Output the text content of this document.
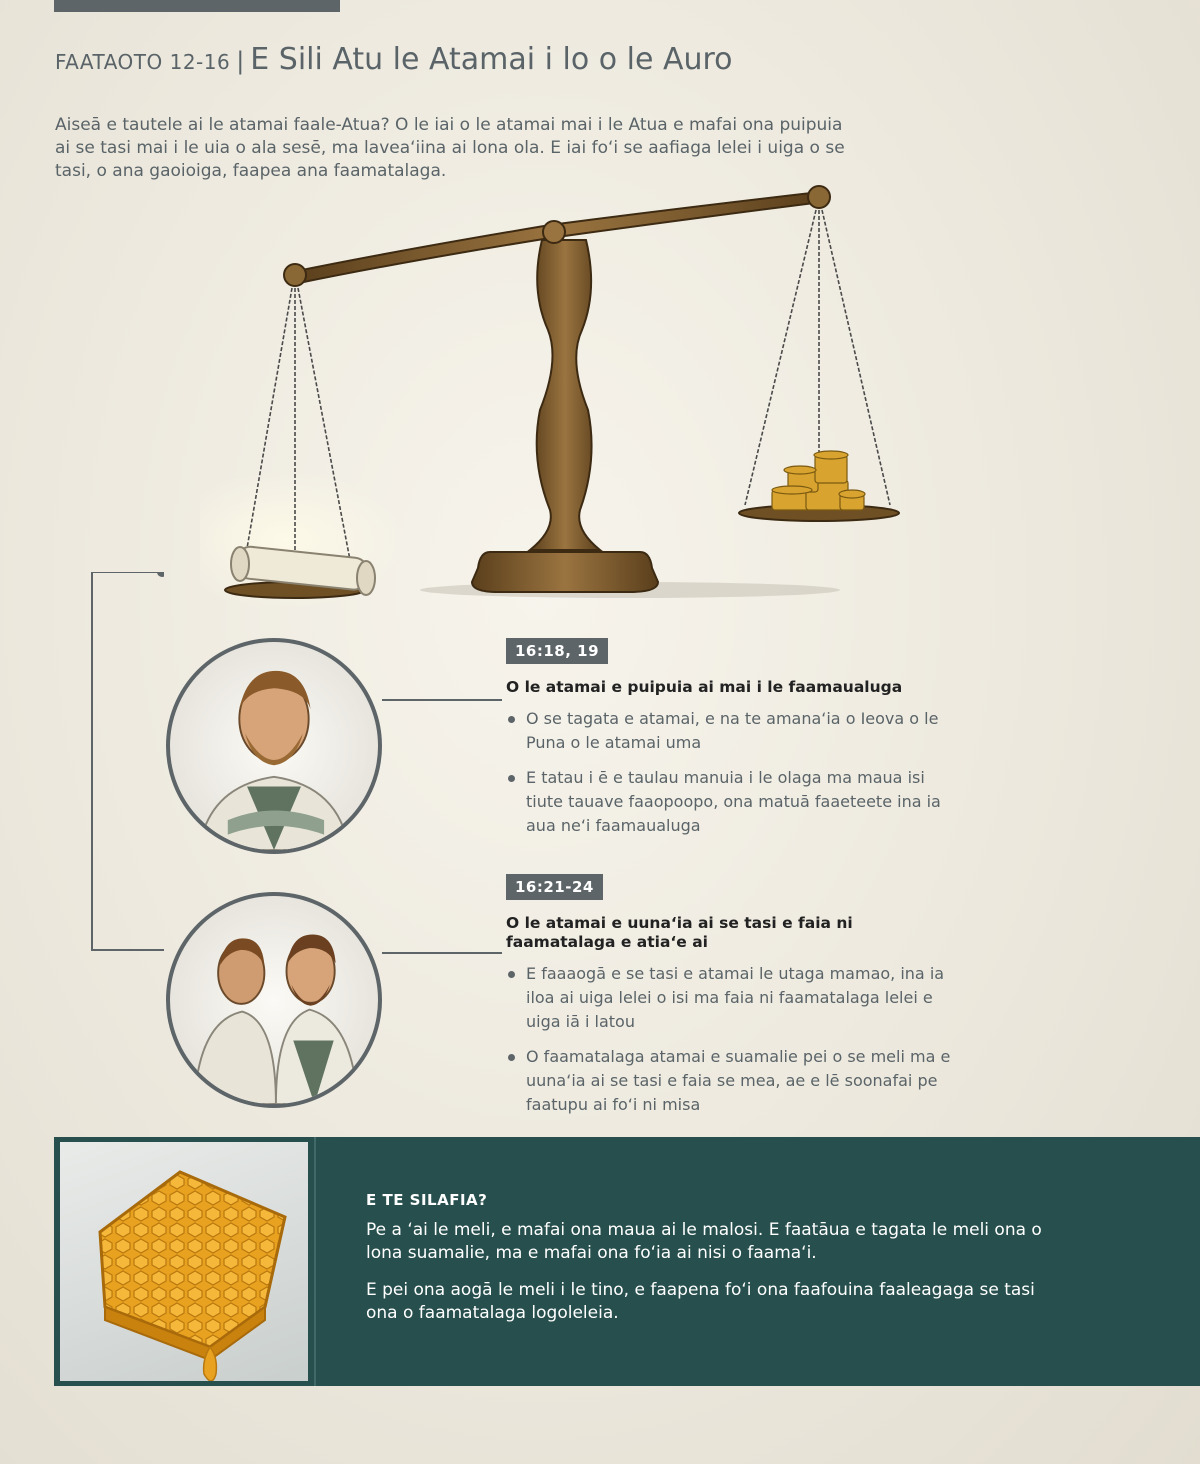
FAATAOTO 12-16 | E Sili Atu le Atamai i lo o le Auro
Aiseā e tautele ai le atamai faale-Atua? O le iai o le atamai mai i le Atua e mafai ona puipuia ai se tasi mai i le uia o ala sesē, ma lavea‘iina ai lona ola. E iai fo‘i se aafiaga lelei i uiga o se tasi, o ana gaoioiga, faapea ana faamatalaga.
16:18, 19
O le atamai e puipuia ai mai i le faamaualuga
O se tagata e atamai, e na te amana‘ia o Ieova o le Puna o le atamai uma
E tatau i ē e taulau manuia i le olaga ma maua isi tiute tauave faaopoopo, ona matuā faaeteete ina ia aua ne‘i faamaualuga
16:21-24
O le atamai e uuna‘ia ai se tasi e faia ni faamatalaga e atia‘e ai
E faaaogā e se tasi e atamai le utaga mamao, ina ia iloa ai uiga lelei o isi ma faia ni faamatalaga lelei e uiga iā i latou
O faamatalaga atamai e suamalie pei o se meli ma e uuna‘ia ai se tasi e faia se mea, ae e lē soonafai pe faatupu ai fo‘i ni misa
E TE SILAFIA?
Pe a ‘ai le meli, e mafai ona maua ai le malosi. E faatāua e tagata le meli ona o lona suamalie, ma e mafai ona fo‘ia ai nisi o faama‘i.
E pei ona aogā le meli i le tino, e faapena fo‘i ona faafouina faaleagaga se tasi ona o faamatalaga logoleleia.
